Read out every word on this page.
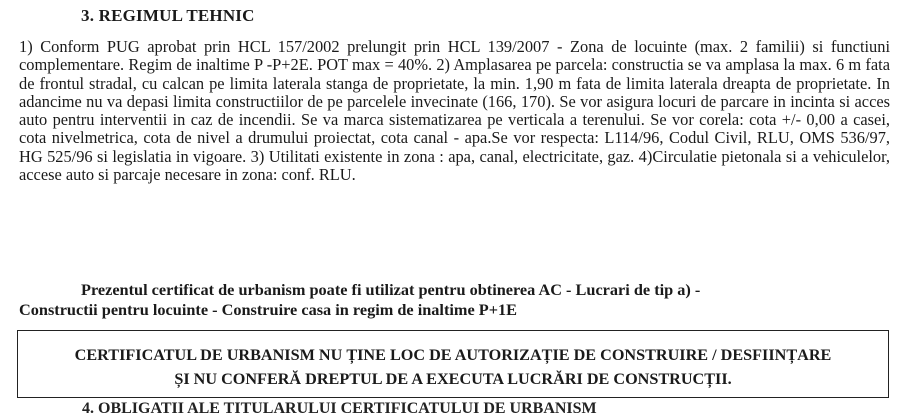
3. REGIMUL TEHNIC
1) Conform PUG aprobat prin HCL 157/2002 prelungit prin HCL 139/2007 - Zona de locuinte (max. 2 familii) si functiuni complementare. Regim de inaltime P -P+2E. POT max = 40%. 2) Amplasarea pe parcela: constructia se va amplasa la max. 6 m fata de frontul stradal, cu calcan pe limita laterala stanga de proprietate, la min. 1,90 m fata de limita laterala dreapta de proprietate. In adancime nu va depasi limita constructiilor de pe parcelele invecinate (166, 170). Se vor asigura locuri de parcare in incinta si acces auto pentru interventii in caz de incendii. Se va marca sistematizarea pe verticala a terenului. Se vor corela: cota +/- 0,00 a casei, cota nivelmetrica, cota de nivel a drumului proiectat, cota canal - apa.Se vor respecta: L114/96, Codul Civil, RLU, OMS 536/97, HG 525/96 si legislatia in vigoare. 3) Utilitati existente in zona : apa, canal, electricitate, gaz. 4)Circulatie pietonala si a vehiculelor, accese auto si parcaje necesare in zona: conf. RLU.
Prezentul certificat de urbanism poate fi utilizat pentru obtinerea AC - Lucrari de tip a) -
Constructii pentru locuinte - Construire casa in regim de inaltime P+1E
CERTIFICATUL DE URBANISM NU ȚINE LOC DE AUTORIZAȚIE DE CONSTRUIRE / DESFIINȚARE
ȘI NU CONFERĂ DREPTUL DE A EXECUTA LUCRĂRI DE CONSTRUCȚII.
4. OBLIGATII ALE TITULARULUI CERTIFICATULUI DE URBANISM
